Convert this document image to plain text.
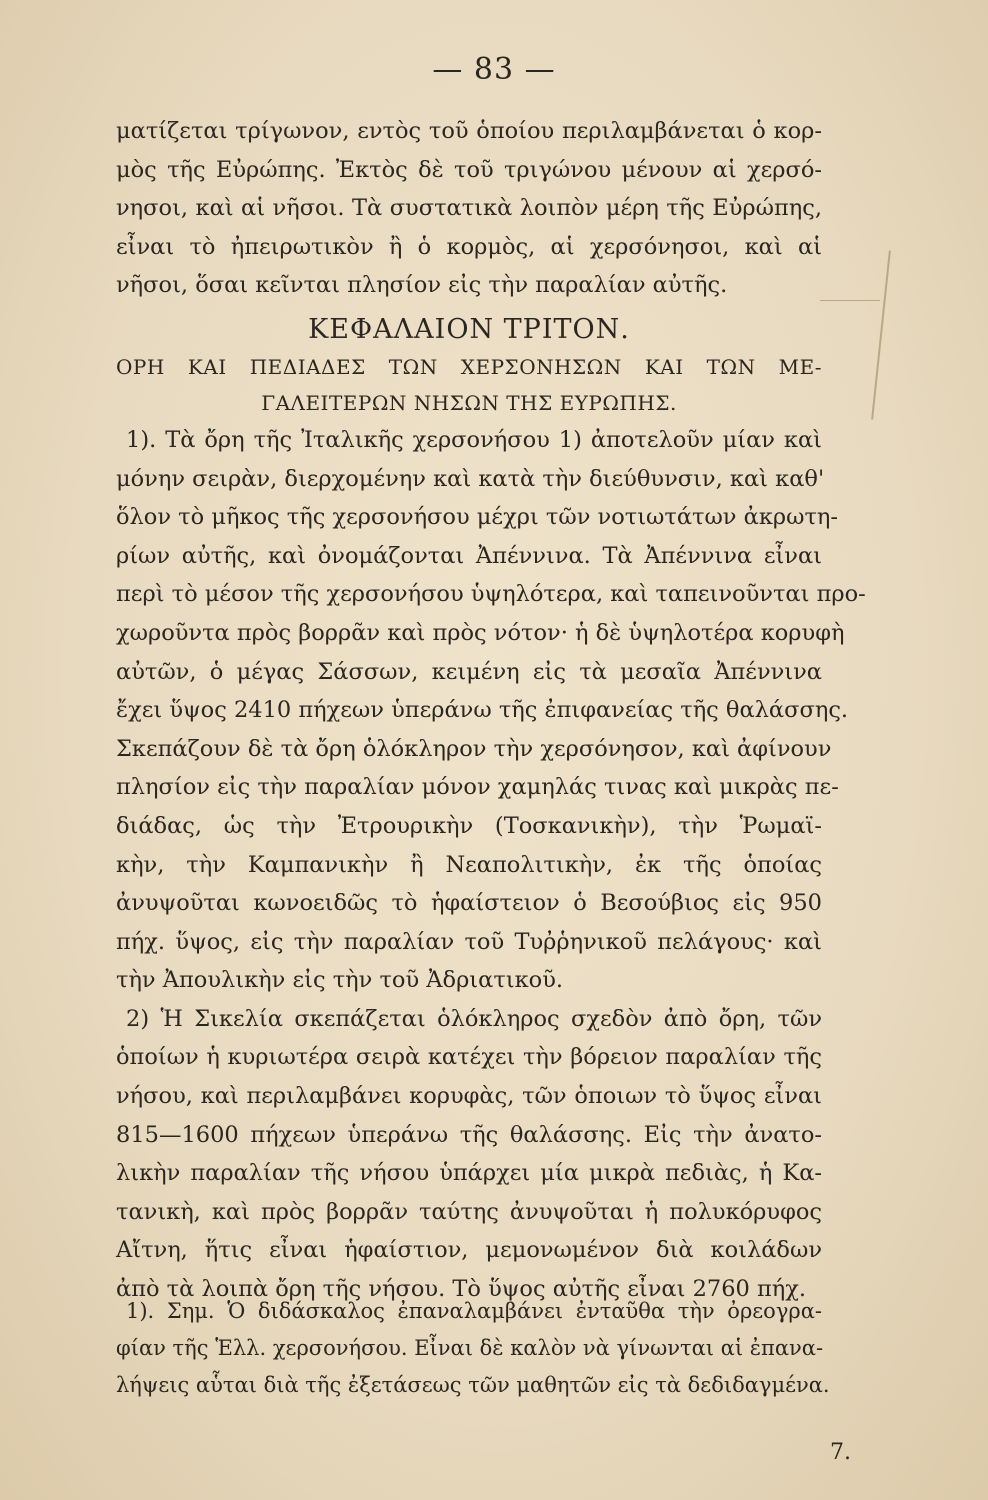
— 83 —
ματίζεται τρίγωνον, εντὸς τοῦ ὁποίου περιλαμβάνεται ὁ κορ-
μὸς τῆς Εὐρώπης. Ἐκτὸς δὲ τοῦ τριγώνου μένουν αἱ χερσό-
νησοι, καὶ αἱ νῆσοι. Τὰ συστατικὰ λοιπὸν μέρη τῆς Εὐρώπης,
εἶναι τὸ ἠπειρωτικὸν ἢ ὁ κορμὸς, αἱ χερσόνησοι, καὶ αἱ
νῆσοι, ὅσαι κεῖνται πλησίον εἰς τὴν παραλίαν αὐτῆς.
ΚΕΦΑΛΑΙΟΝ ΤΡΙΤΟΝ.
ΟΡΗ ΚΑΙ ΠΕΔΙΑΔΕΣ ΤΩΝ ΧΕΡΣΟΝΗΣΩΝ ΚΑΙ ΤΩΝ ΜΕ-
ΓΑΛΕΙΤΕΡΩΝ ΝΗΣΩΝ ΤΗΣ ΕΥΡΩΠΗΣ.
1). Τὰ ὄρη τῆς Ἰταλικῆς χερσονήσου 1) ἀποτελοῦν μίαν καὶ
μόνην σειρὰν, διερχομένην καὶ κατὰ τὴν διεύθυνσιν, καὶ καθ'
ὅλον τὸ μῆκος τῆς χερσονήσου μέχρι τῶν νοτιωτάτων ἀκρωτη-
ρίων αὐτῆς, καὶ ὀνομάζονται Ἀπέννινα. Τὰ Ἀπέννινα εἶναι
περὶ τὸ μέσον τῆς χερσονήσου ὑψηλότερα, καὶ ταπεινοῦνται προ-
χωροῦντα πρὸς βορρᾶν καὶ πρὸς νότον· ἡ δὲ ὑψηλοτέρα κορυφὴ
αὐτῶν, ὁ μέγας Σάσσων, κειμένη εἰς τὰ μεσαῖα Ἀπέννινα
ἔχει ὕψος 2410 πήχεων ὑπεράνω τῆς ἐπιφανείας τῆς θαλάσσης.
Σκεπάζουν δὲ τὰ ὄρη ὁλόκληρον τὴν χερσόνησον, καὶ ἀφίνουν
πλησίον εἰς τὴν παραλίαν μόνον χαμηλάς τινας καὶ μικρὰς πε-
διάδας, ὡς τὴν Ἐτρουρικὴν (Τοσκανικὴν), τὴν Ῥωμαϊ-
κὴν, τὴν Καμπανικὴν ἢ Νεαπολιτικὴν, ἐκ τῆς ὁποίας
ἀνυψοῦται κωνοειδῶς τὸ ἡφαίστειον ὁ Βεσούβιος εἰς 950
πήχ. ὕψος, εἰς τὴν παραλίαν τοῦ Τυῤῥηνικοῦ πελάγους· καὶ
τὴν Ἀπουλικὴν εἰς τὴν τοῦ Ἀδριατικοῦ.
2) Ἡ Σικελία σκεπάζεται ὁλόκληρος σχεδὸν ἀπὸ ὄρη, τῶν
ὁποίων ἡ κυριωτέρα σειρὰ κατέχει τὴν βόρειον παραλίαν τῆς
νήσου, καὶ περιλαμβάνει κορυφὰς, τῶν ὁποιων τὸ ὕψος εἶναι
815—1600 πήχεων ὑπεράνω τῆς θαλάσσης. Εἰς τὴν ἀνατο-
λικὴν παραλίαν τῆς νήσου ὑπάρχει μία μικρὰ πεδιὰς, ἡ Κα-
τανικὴ, καὶ πρὸς βορρᾶν ταύτης ἀνυψοῦται ἡ πολυκόρυφος
Αἴτνη, ἥτις εἶναι ἡφαίστιον, μεμονωμένον διὰ κοιλάδων
ἀπὸ τὰ λοιπὰ ὄρη τῆς νήσου. Τὸ ὕψος αὐτῆς εἶναι 2760 πήχ.
1). Σημ. Ὁ διδάσκαλος ἐπαναλαμβάνει ἐνταῦθα τὴν ὀρεογρα-
φίαν τῆς Ἑλλ. χερσονήσου. Εἶναι δὲ καλὸν νὰ γίνωνται αἱ ἐπανα-
λήψεις αὗται διὰ τῆς ἐξετάσεως τῶν μαθητῶν εἰς τὰ δεδιδαγμένα.
7.
